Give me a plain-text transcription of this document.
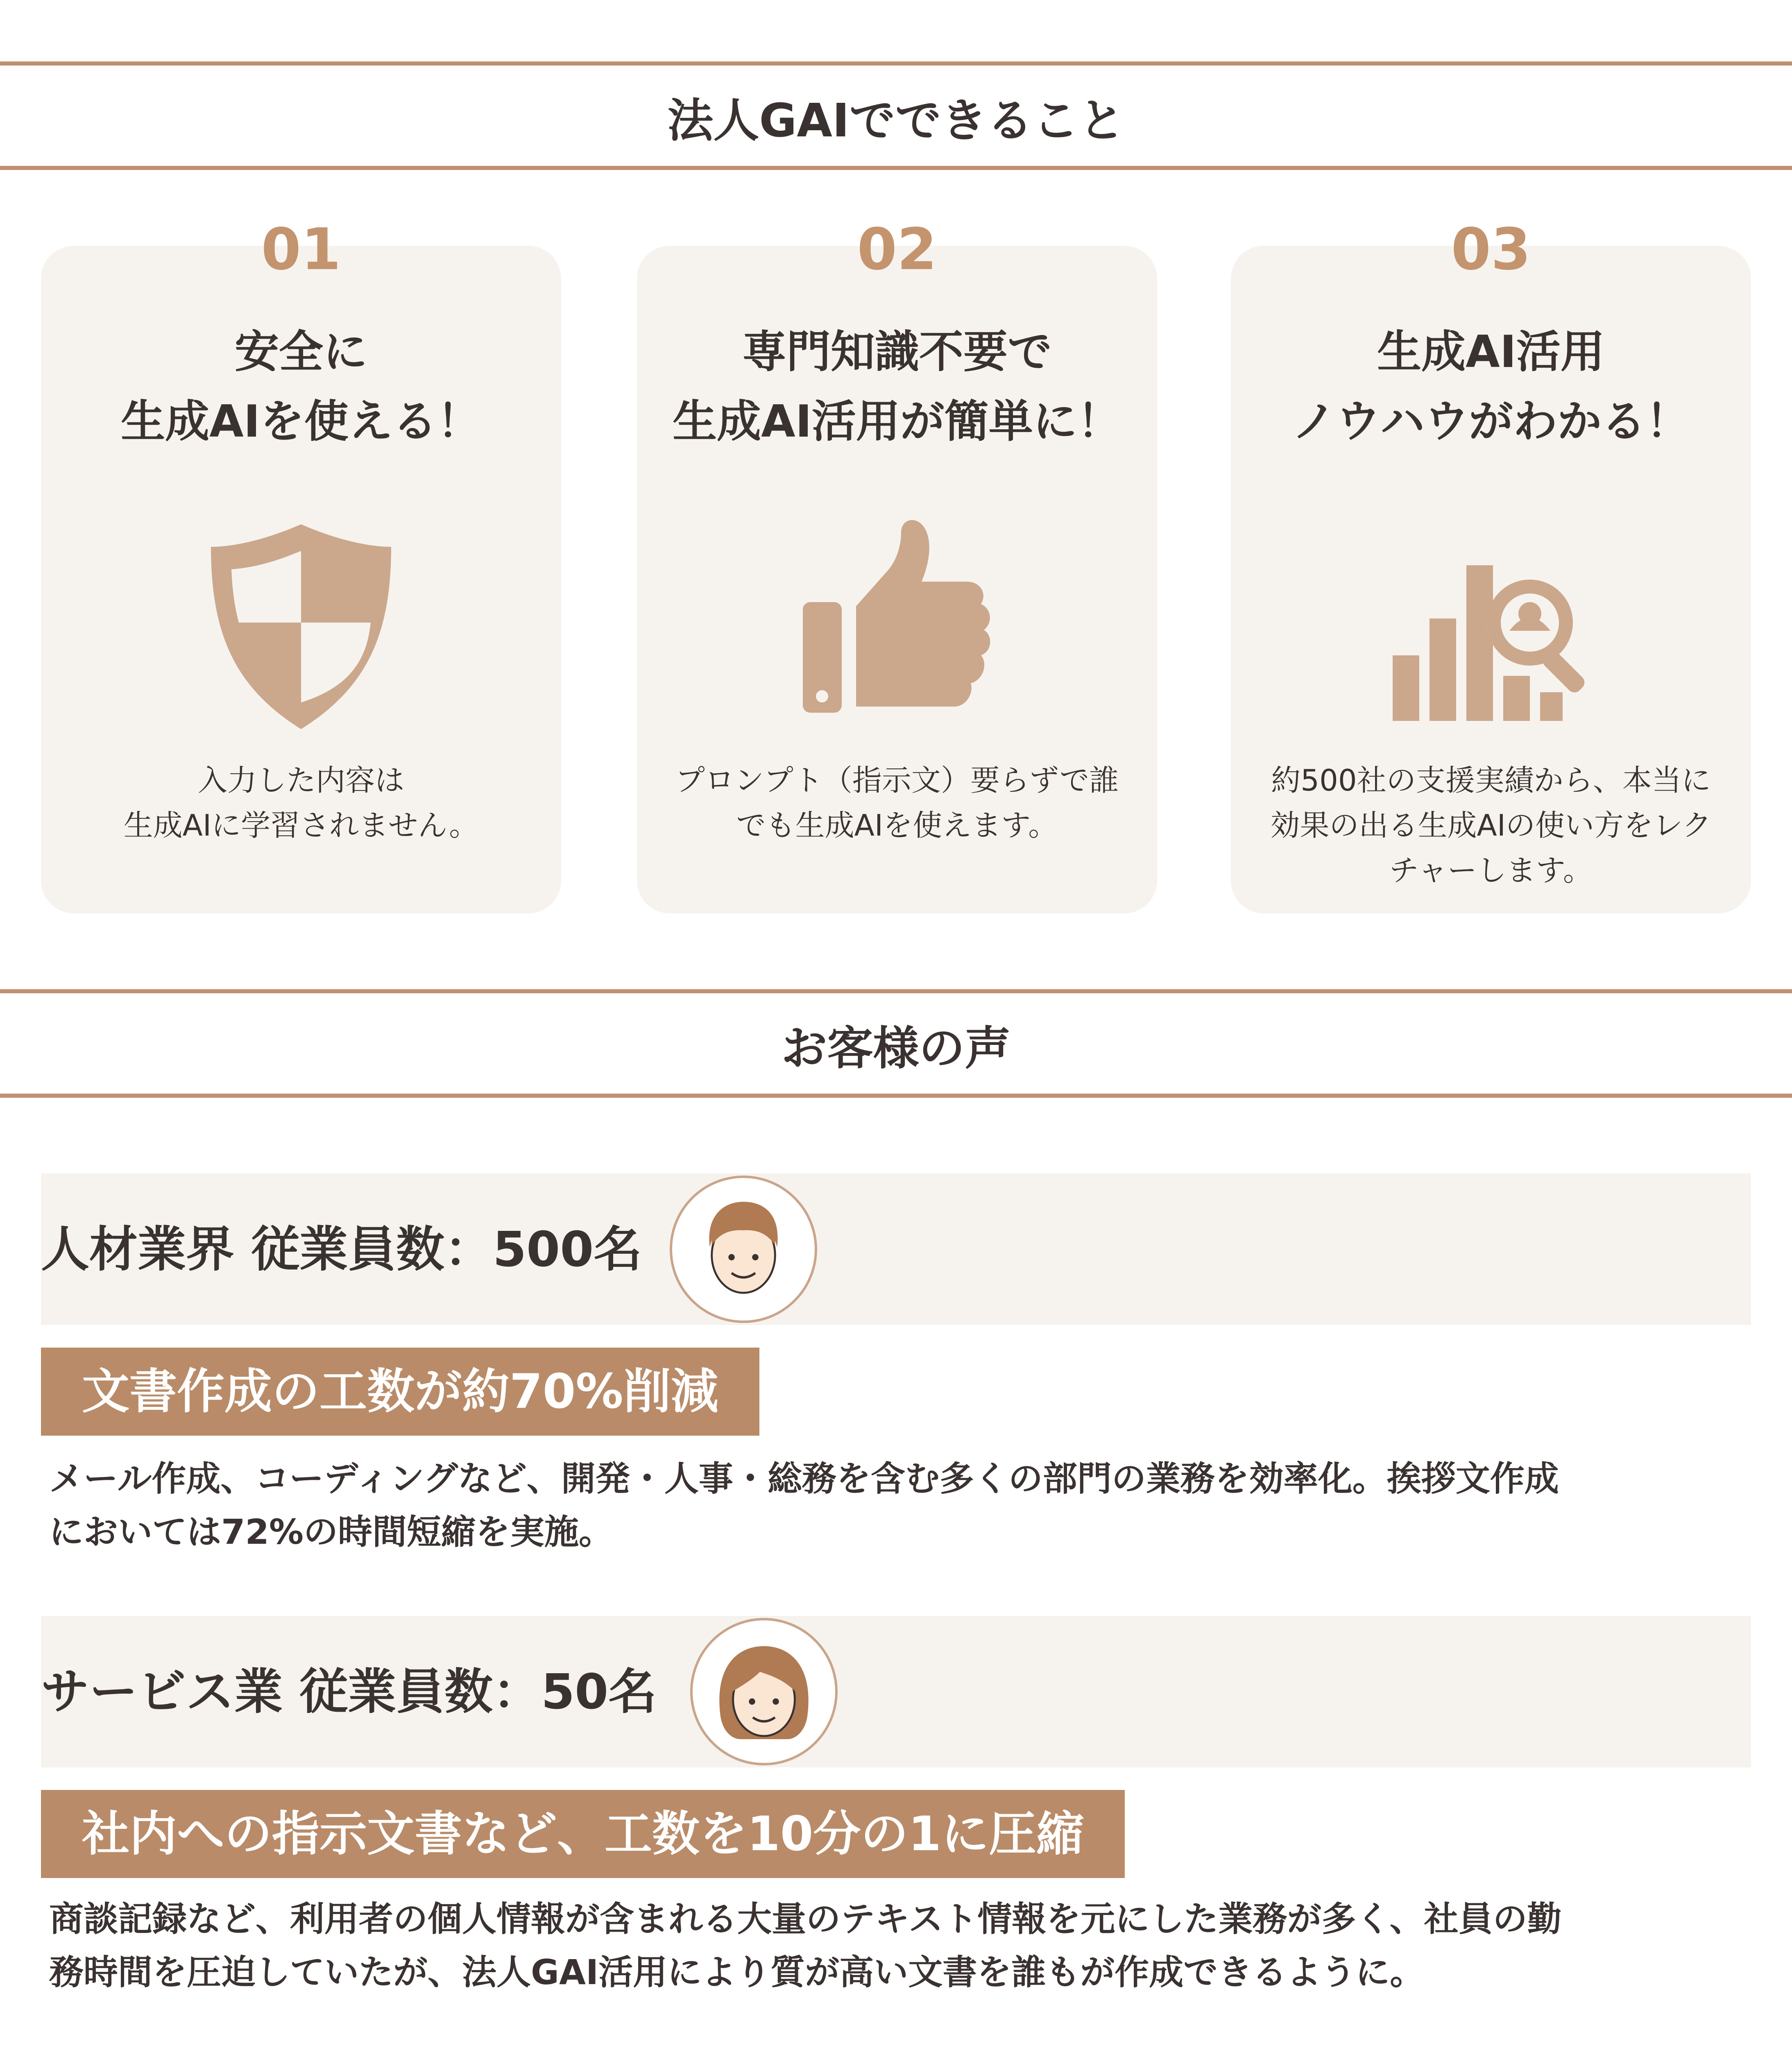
法人GAIでできること
01
安全に
生成AIを使える！
入力した内容は
生成AIに学習されません。
02
専門知識不要で
生成AI活用が簡単に！
プロンプト（指示文）要らずで誰
でも生成AIを使えます。
03
生成AI活用
ノウハウがわかる！
約500社の支援実績から、本当に
効果の出る生成AIの使い方をレク
チャーします。
お客様の声
人材業界 従業員数：500名
文書作成の工数が約70%削減
メール作成、コーディングなど、開発・人事・総務を含む多くの部門の業務を効率化。挨拶文作成
においては72%の時間短縮を実施。
サービス業 従業員数：50名
社内への指示文書など、工数を10分の1に圧縮
商談記録など、利用者の個人情報が含まれる大量のテキスト情報を元にした業務が多く、社員の勤
務時間を圧迫していたが、法人GAI活用により質が高い文書を誰もが作成できるように。
